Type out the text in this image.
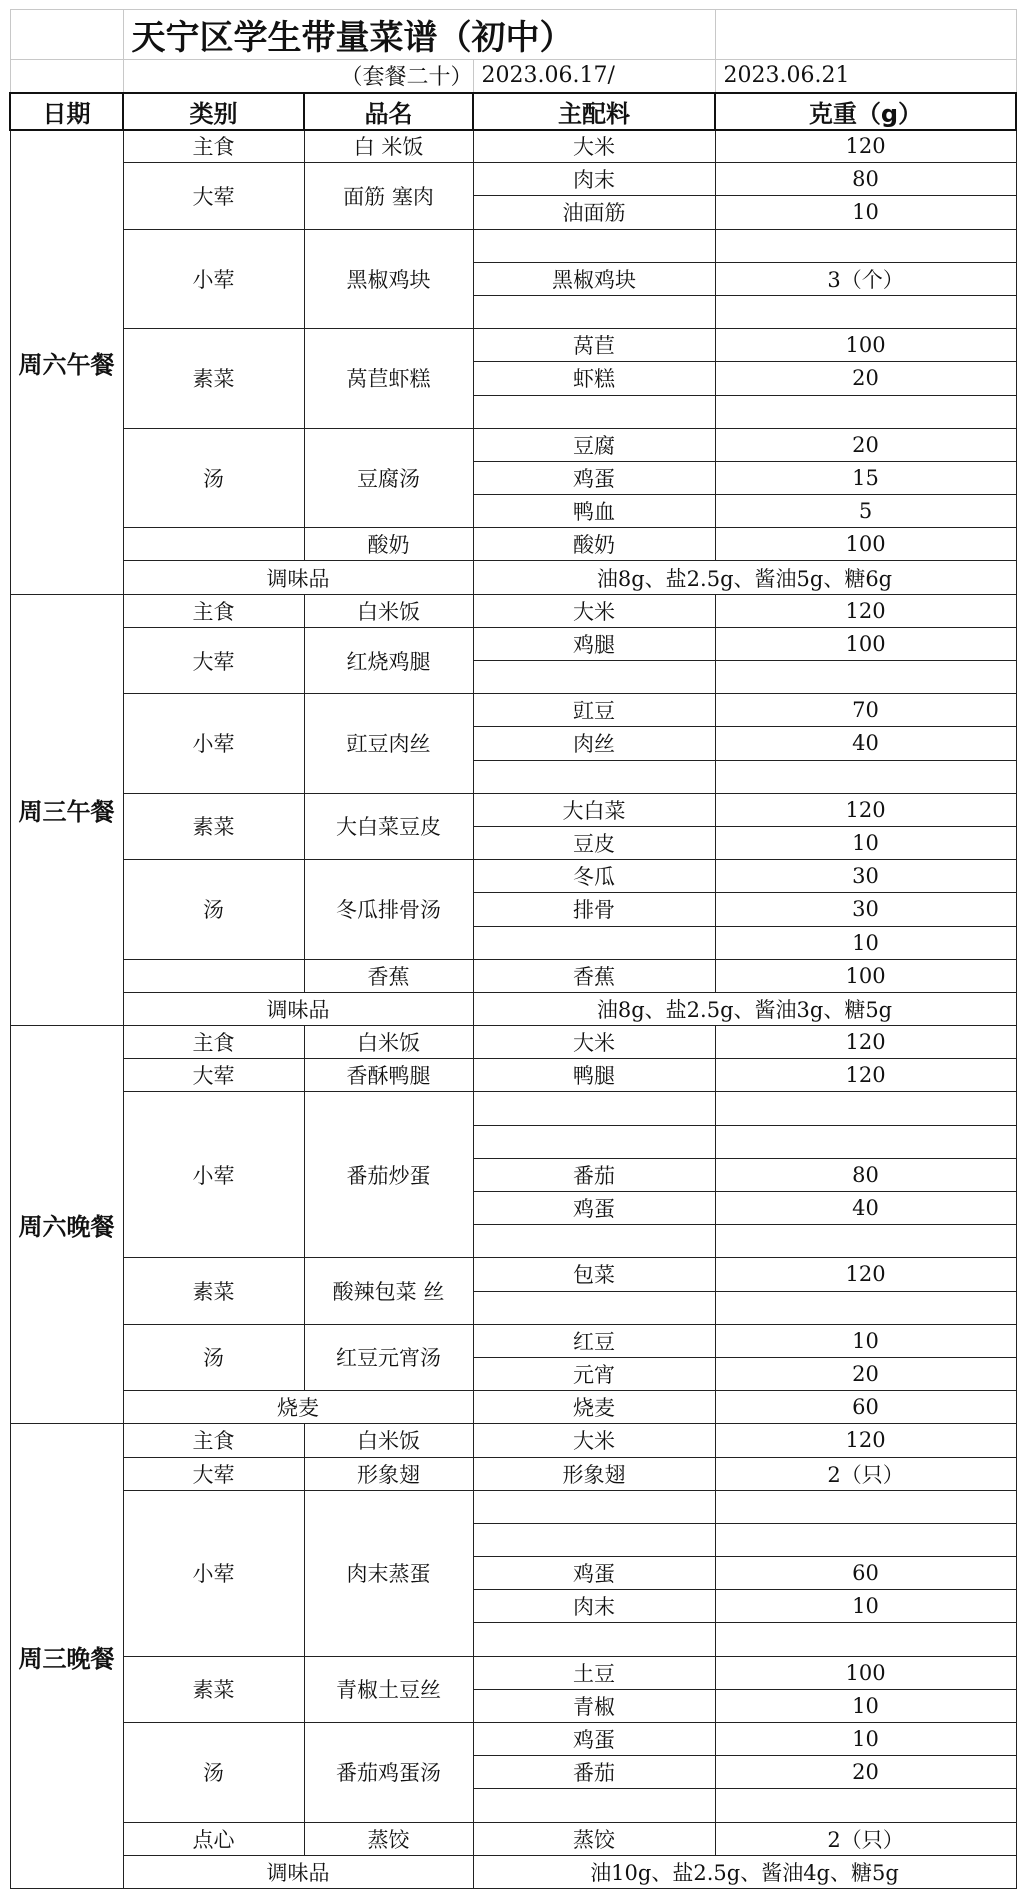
	天宁区学生带量菜谱（初中）			
		（套餐二十）	2023.06.17/	2023.06.21
日期	类别	品名	主配料	克重（g）
周六午餐	主食	白 米饭	大米	120
	大荤	面筋 塞肉	肉末	80
			油面筋	10
	小荤	黑椒鸡块		
			黑椒鸡块	3（个）

	素菜	莴苣虾糕	莴苣	100
			虾糕	20

	汤	豆腐汤	豆腐	20
			鸡蛋	15
			鸭血	5
		酸奶	酸奶	100
	调味品		油8g、盐2.5g、酱油5g、糖6g	
周三午餐	主食	白米饭	大米	120
	大荤	红烧鸡腿	鸡腿	100

	小荤	豇豆肉丝	豇豆	70
			肉丝	40

	素菜	大白菜豆皮	大白菜	120
			豆皮	10
	汤	冬瓜排骨汤	冬瓜	30
			排骨	30
				10
		香蕉	香蕉	100
	调味品		油8g、盐2.5g、酱油3g、糖5g	
周六晚餐	主食	白米饭	大米	120
	大荤	香酥鸭腿	鸭腿	120
	小荤	番茄炒蛋		

			番茄	80
			鸡蛋	40

	素菜	酸辣包菜 丝	包菜	120

	汤	红豆元宵汤	红豆	10
			元宵	20
	烧麦		烧麦	60
周三晚餐	主食	白米饭	大米	120
	大荤	形象翅	形象翅	2（只）
	小荤	肉末蒸蛋		

			鸡蛋	60
			肉末	10

	素菜	青椒土豆丝	土豆	100
			青椒	10
	汤	番茄鸡蛋汤	鸡蛋	10
			番茄	20

	点心	蒸饺	蒸饺	2（只）
	调味品		油10g、盐2.5g、酱油4g、糖5g	
